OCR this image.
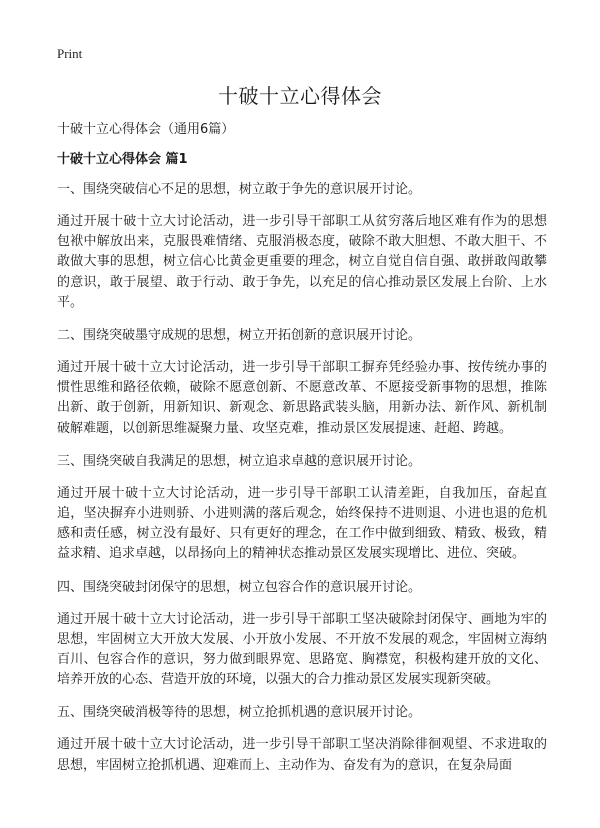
Print
十破十立心得体会

十破十立心得体会（通用6篇）

十破十立心得体会 篇1

一、围绕突破信心不足的思想，树立敢于争先的意识展开讨论。

通过开展十破十立大讨论活动，进一步引导干部职工从贫穷落后地区难有作为的思想包袱中解放出来，克服畏难情绪、克服消极态度，破除不敢大胆想、不敢大胆干、不敢做大事的思想，树立信心比黄金更重要的理念，树立自觉自信自强、敢拼敢闯敢攀的意识，敢于展望、敢于行动、敢于争先，以充足的信心推动景区发展上台阶、上水平。

二、围绕突破墨守成规的思想，树立开拓创新的意识展开讨论。

通过开展十破十立大讨论活动，进一步引导干部职工摒弃凭经验办事、按传统办事的惯性思维和路径依赖，破除不愿意创新、不愿意改革、不愿接受新事物的思想，推陈出新、敢于创新，用新知识、新观念、新思路武装头脑，用新办法、新作风、新机制破解难题，以创新思维凝聚力量、攻坚克难，推动景区发展提速、赶超、跨越。

三、围绕突破自我满足的思想，树立追求卓越的意识展开讨论。

通过开展十破十立大讨论活动，进一步引导干部职工认清差距，自我加压，奋起直追，坚决摒弃小进则骄、小进则满的落后观念，始终保持不进则退、小进也退的危机感和责任感，树立没有最好、只有更好的理念，在工作中做到细致、精致、极致，精益求精、追求卓越，以昂扬向上的精神状态推动景区发展实现增比、进位、突破。

四、围绕突破封闭保守的思想，树立包容合作的意识展开讨论。

通过开展十破十立大讨论活动，进一步引导干部职工坚决破除封闭保守、画地为牢的思想，牢固树立大开放大发展、小开放小发展、不开放不发展的观念，牢固树立海纳百川、包容合作的意识，努力做到眼界宽、思路宽、胸襟宽，积极构建开放的文化、培养开放的心态、营造开放的环境，以强大的合力推动景区发展实现新突破。

五、围绕突破消极等待的思想，树立抢抓机遇的意识展开讨论。

通过开展十破十立大讨论活动，进一步引导干部职工坚决消除徘徊观望、不求进取的思想，牢固树立抢抓机遇、迎难而上、主动作为、奋发有为的意识，在复杂局面
